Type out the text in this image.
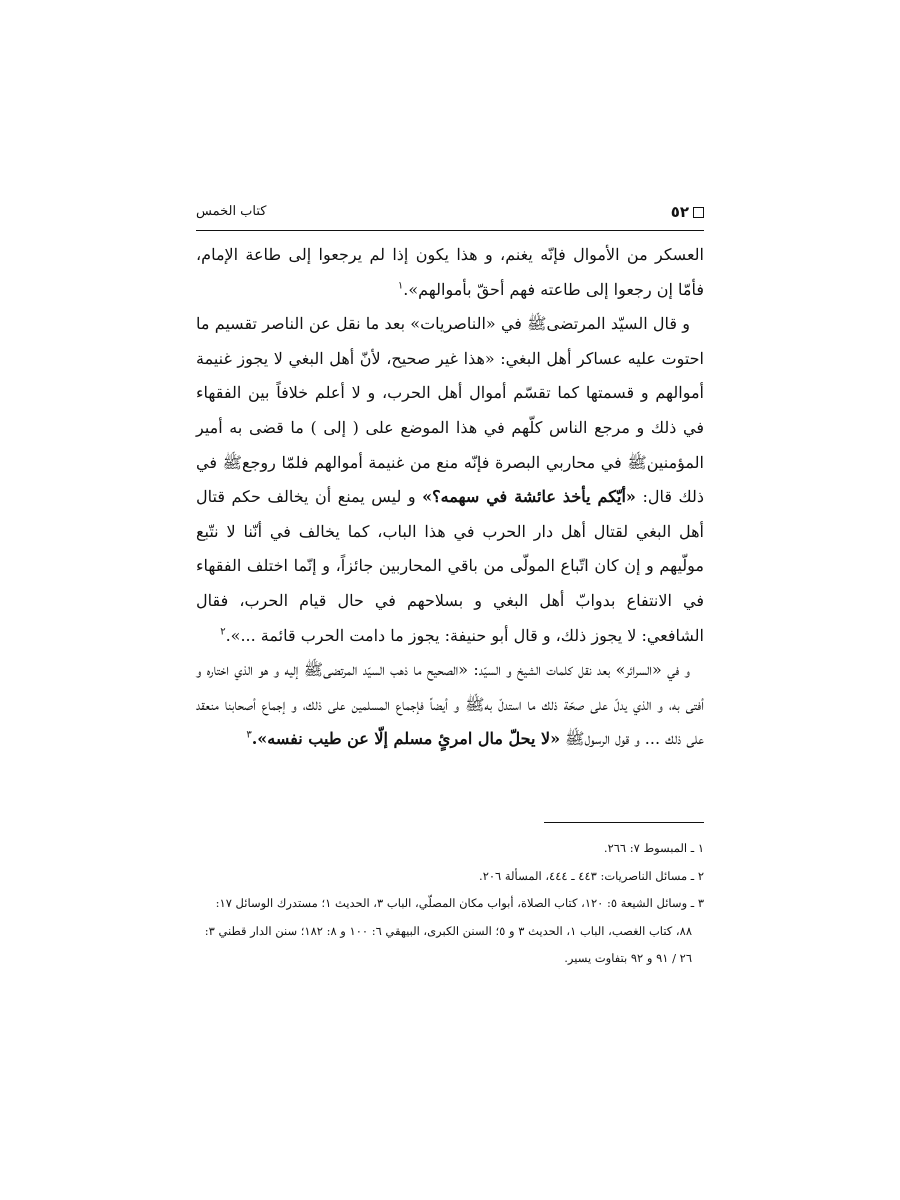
٥٢
كتاب الخمس

العسكر من الأموال فإنّه يغنم، و هذا يكون إذا لم يرجعوا إلى طاعة الإمام، فأمّا إن رجعوا إلى طاعته فهم أحقّ بأموالهم».$^١$

و قال السيّد المرتضى‌ﷺ في «الناصريات» بعد ما نقل عن الناصر تقسيم ما احتوت عليه عساكر أهل البغي: «هذا غير صحيح، لأنّ أهل البغي لا يجوز غنيمة أموالهم و قسمتها كما تقسّم أموال أهل الحرب، و لا أعلم خلافاً بين الفقهاء في ذلك و مرجع الناس كلّهم في هذا الموضع على ( إلى ) ما قضى به أمير المؤمنين‌ﷺ في محاربي البصرة فإنّه منع من غنيمة أموالهم فلمّا روجع‌ﷺ في ذلك قال: «أيّكم يأخذ عائشة في سهمه؟» و ليس يمنع أن يخالف حكم قتال أهل البغي لقتال أهل دار الحرب في هذا الباب، كما يخالف في أنّنا لا نتّبع مولّيهم و إن كان اتّباع المولّى من باقي المحاربين جائزاً، و إنّما اختلف الفقهاء في الانتفاع بدوابّ أهل البغي و بسلاحهم في حال قيام الحرب، فقال الشافعي: لا يجوز ذلك، و قال أبو حنيفة: يجوز ما دامت الحرب قائمة ...».$^٢$

و في «السرائر» بعد نقل كلمات الشيخ و السيّد: «الصحيح ما ذهب السيّد المرتضى‌ﷺ إليه و هو الذي اختاره و أفتى به، و الذي يدلّ على صحّة ذلك ما استدلّ به‌ﷺ و أيضاً فإجماع المسلمين على ذلك، و إجماع أصحابنا منعقد على ذلك ... و قول الرسول‌ﷺ «لا يحلّ مال امرئٍ مسلم إلّا عن طيب نفسه».$^٣$

١ ـ المبسوط ٧: ٢٦٦.

٢ ـ مسائل الناصريات: ٤٤٣ ـ ٤٤٤، المسألة ٢٠٦.

٣ ـ وسائل الشيعة ٥: ١٢٠، كتاب الصلاة، أبواب مكان المصلّي، الباب ٣، الحديث ١؛ مستدرك الوسائل ١٧:
٨٨، كتاب الغصب، الباب ١، الحديث ٣ و ٥؛ السنن الكبرى، البيهقي ٦: ١٠٠ و ٨: ١٨٢؛ سنن الدار قطني ٣:
٢٦ / ٩١ و ٩٢ بتفاوت يسير.
